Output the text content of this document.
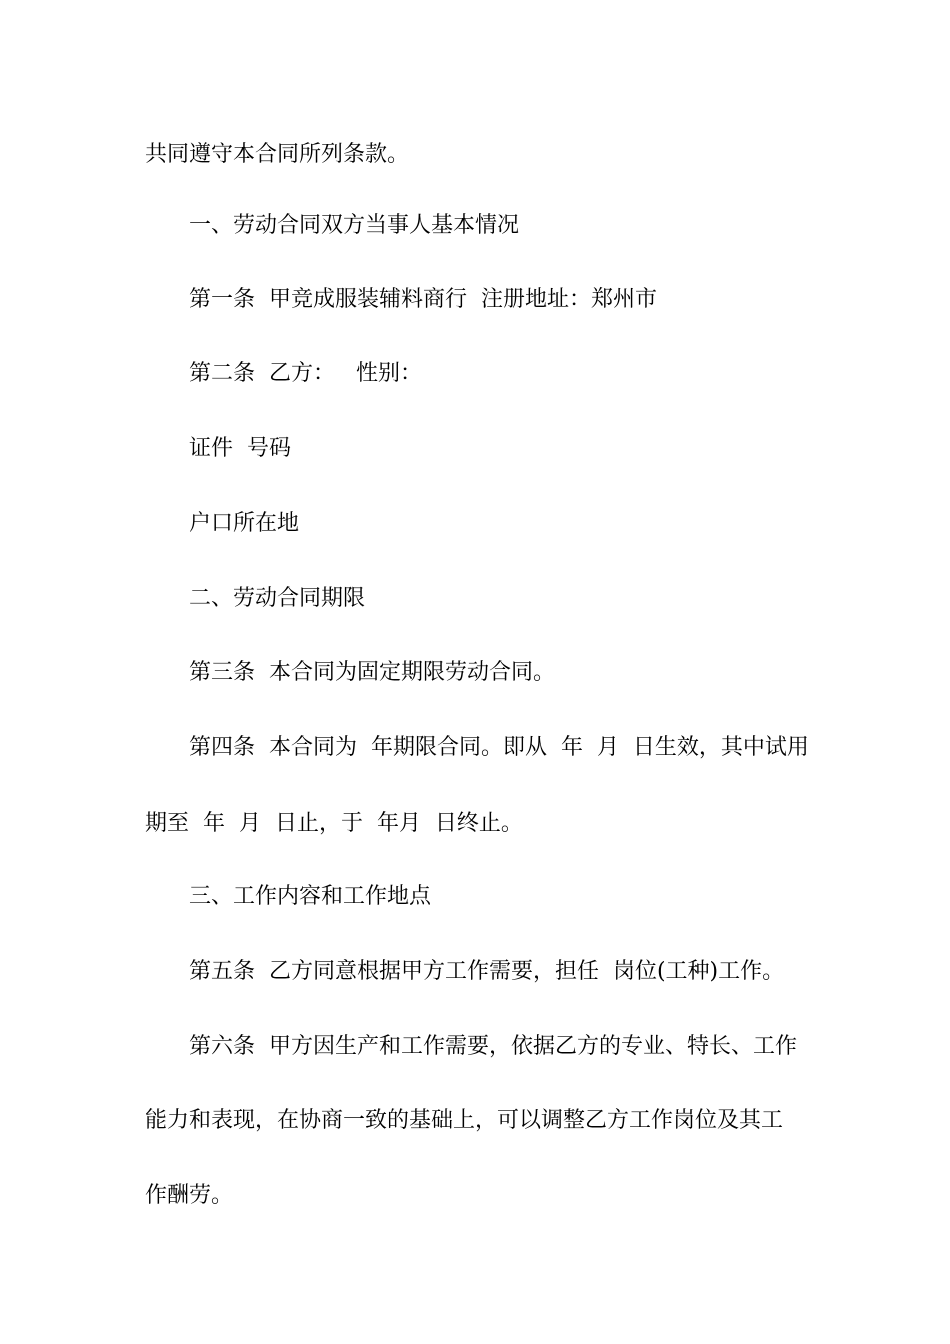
共同遵守本合同所列条款。
一、劳动合同双方当事人基本情况
第一条  甲竞成服装辅料商行  注册地址：郑州市
第二条  乙方：   性别：
证件  号码
户口所在地
二、劳动合同期限
第三条  本合同为固定期限劳动合同。
第四条  本合同为  年期限合同。即从  年  月  日生效，其中试用
期至  年  月  日止，于  年月  日终止。
三、工作内容和工作地点
第五条  乙方同意根据甲方工作需要，担任  岗位(工种)工作。
第六条  甲方因生产和工作需要，依据乙方的专业、特长、工作
能力和表现，在协商一致的基础上，可以调整乙方工作岗位及其工
作酬劳。
